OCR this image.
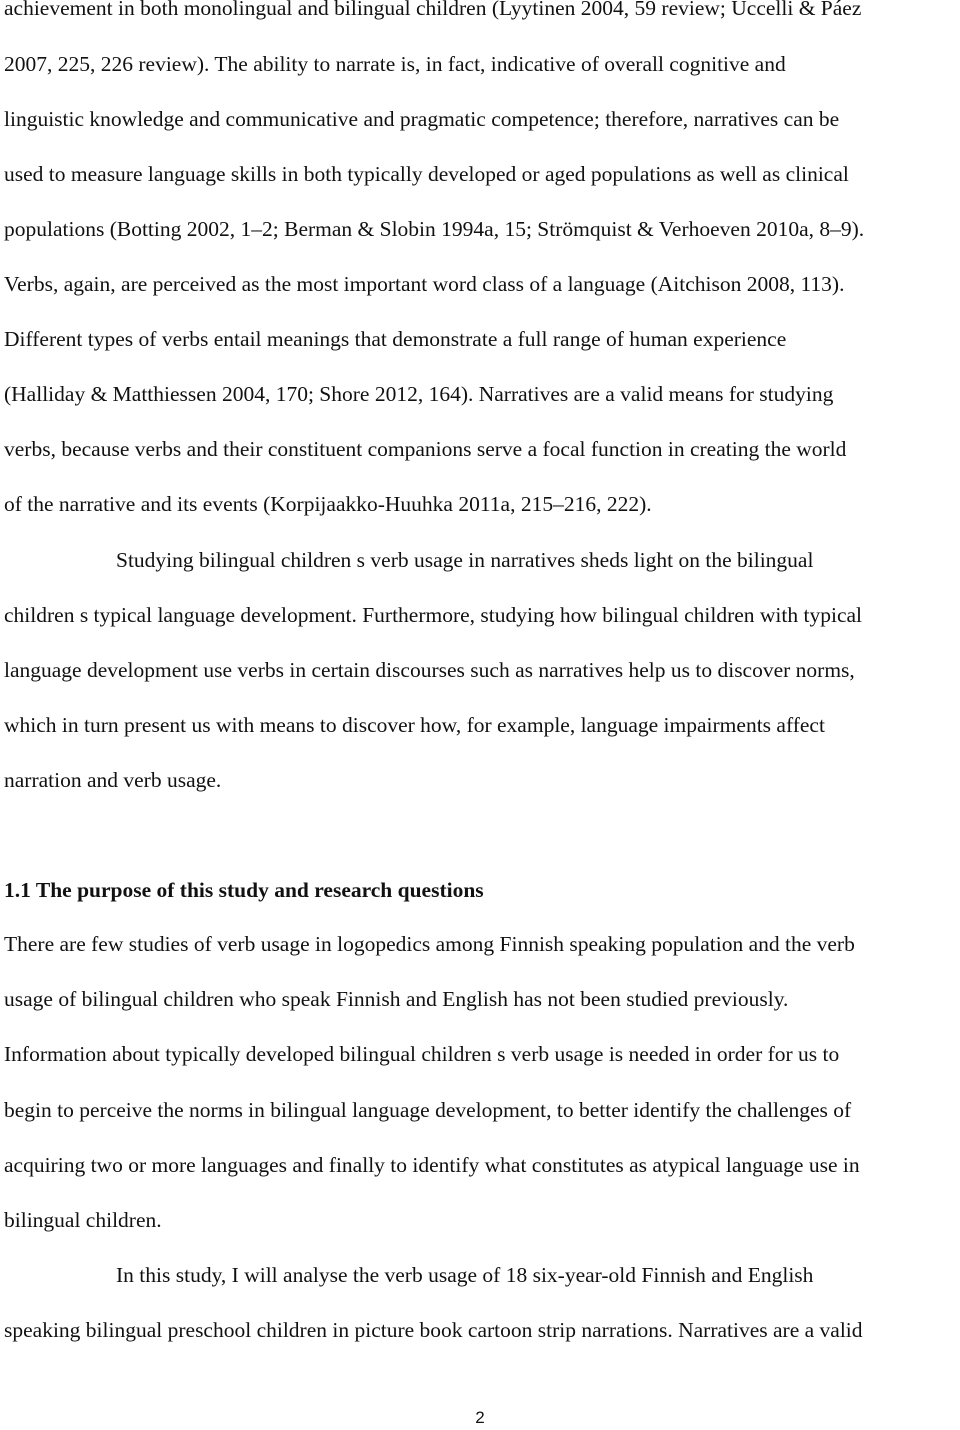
achievement in both monolingual and bilingual children (Lyytinen 2004, 59 review; Uccelli & Páez
2007, 225, 226 review). The ability to narrate is, in fact, indicative of overall cognitive and
linguistic knowledge and communicative and pragmatic competence; therefore, narratives can be
used to measure language skills in both typically developed or aged populations as well as clinical
populations (Botting 2002, 1–2; Berman & Slobin 1994a, 15; Strömquist & Verhoeven 2010a, 8–9).
Verbs, again, are perceived as the most important word class of a language (Aitchison 2008, 113).
Different types of verbs entail meanings that demonstrate a full range of human experience
(Halliday & Matthiessen 2004, 170; Shore 2012, 164). Narratives are a valid means for studying
verbs, because verbs and their constituent companions serve a focal function in creating the world
of the narrative and its events (Korpijaakko-Huuhka 2011a, 215–216, 222).
Studying bilingual children s verb usage in narratives sheds light on the bilingual
children s typical language development. Furthermore, studying how bilingual children with typical
language development use verbs in certain discourses such as narratives help us to discover norms,
which in turn present us with means to discover how, for example, language impairments affect
narration and verb usage.
1.1 The purpose of this study and research questions
There are few studies of verb usage in logopedics among Finnish speaking population and the verb
usage of bilingual children who speak Finnish and English has not been studied previously.
Information about typically developed bilingual children s verb usage is needed in order for us to
begin to perceive the norms in bilingual language development, to better identify the challenges of
acquiring two or more languages and finally to identify what constitutes as atypical language use in
bilingual children.
In this study, I will analyse the verb usage of 18 six-year-old Finnish and English
speaking bilingual preschool children in picture book cartoon strip narrations. Narratives are a valid
2
